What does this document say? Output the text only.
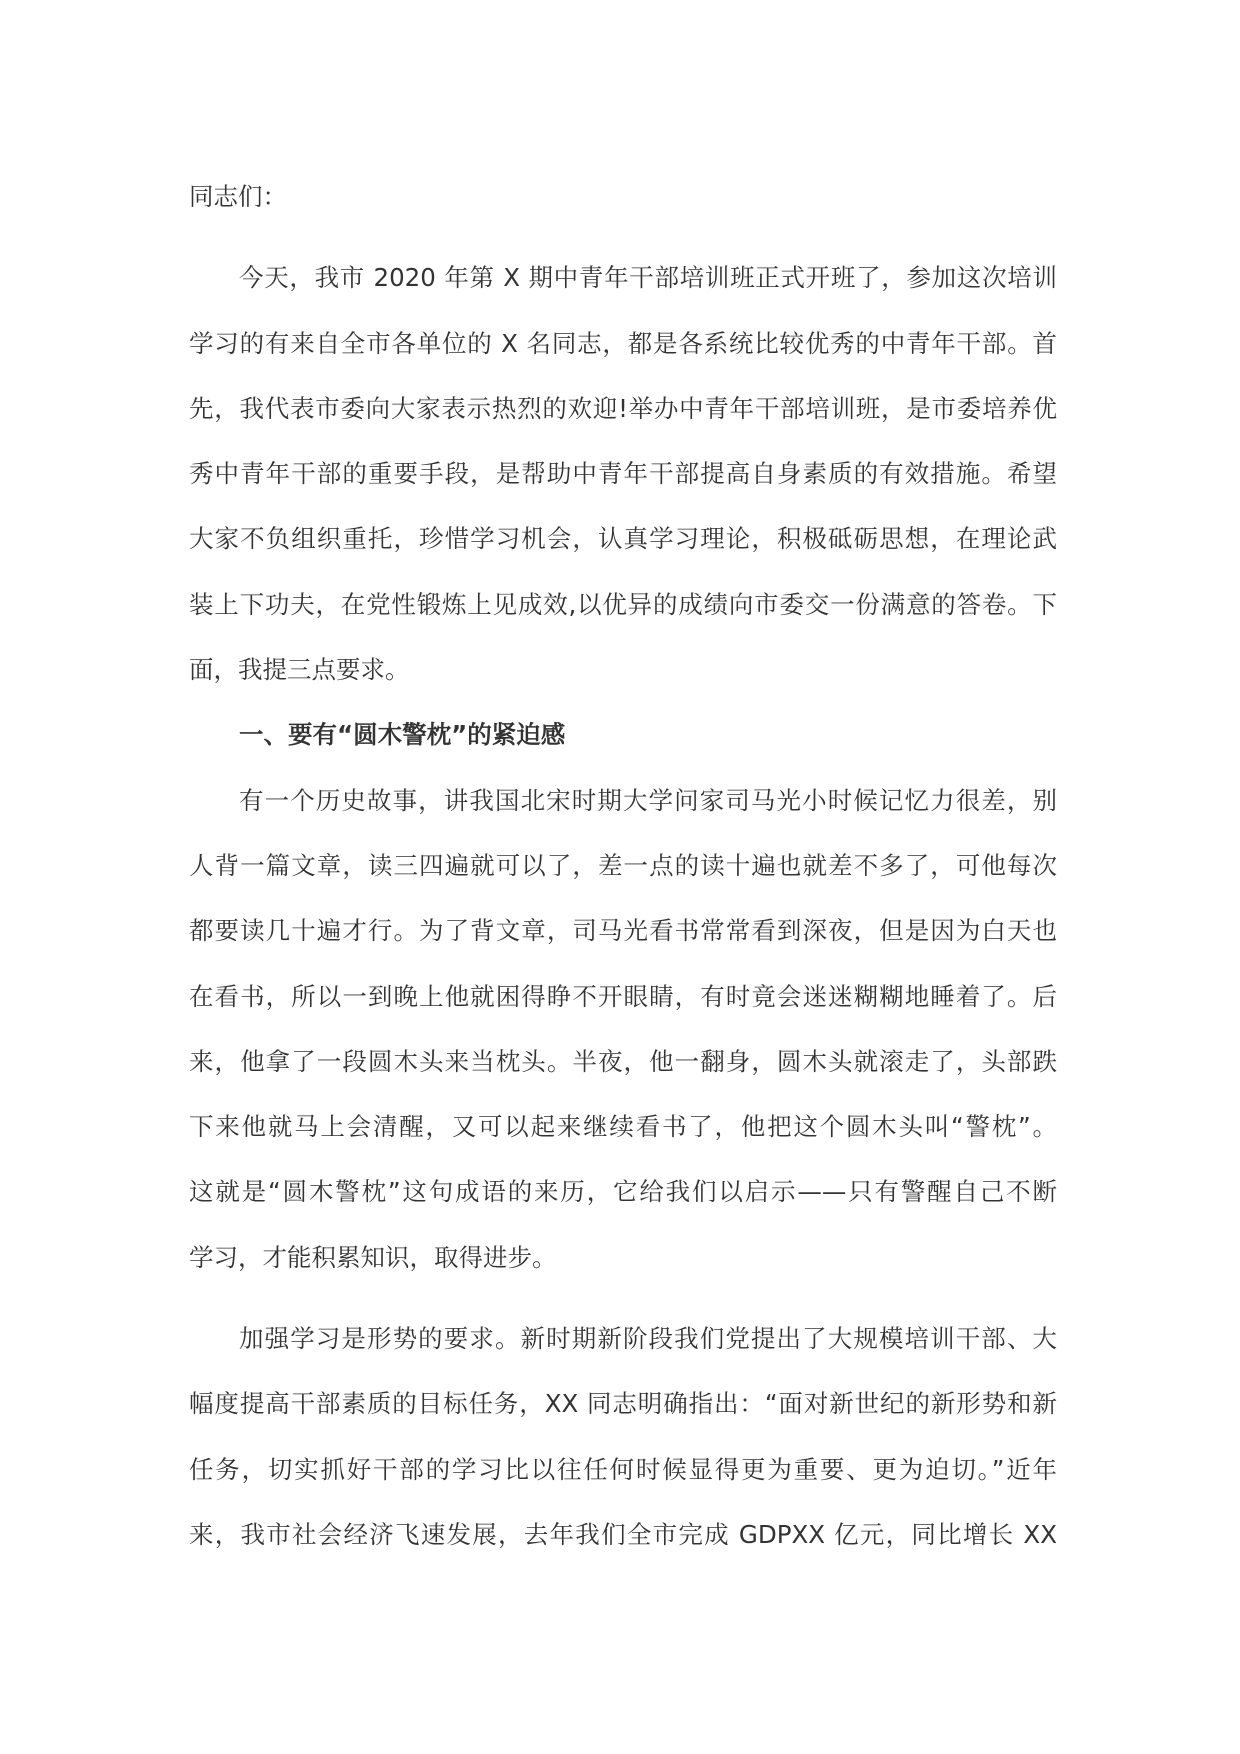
同志们：
今天，我市 2020 年第 X 期中青年干部培训班正式开班了，参加这次培训
学习的有来自全市各单位的 X 名同志，都是各系统比较优秀的中青年干部。首
先，我代表市委向大家表示热烈的欢迎!举办中青年干部培训班，是市委培养优
秀中青年干部的重要手段，是帮助中青年干部提高自身素质的有效措施。希望
大家不负组织重托，珍惜学习机会，认真学习理论，积极砥砺思想，在理论武
装上下功夫，在党性锻炼上见成效,以优异的成绩向市委交一份满意的答卷。下
面，我提三点要求。
一、要有“圆木警枕”的紧迫感
有一个历史故事，讲我国北宋时期大学问家司马光小时候记忆力很差，别
人背一篇文章，读三四遍就可以了，差一点的读十遍也就差不多了，可他每次
都要读几十遍才行。为了背文章，司马光看书常常看到深夜，但是因为白天也
在看书，所以一到晚上他就困得睁不开眼睛，有时竟会迷迷糊糊地睡着了。后
来，他拿了一段圆木头来当枕头。半夜，他一翻身，圆木头就滚走了，头部跌
下来他就马上会清醒，又可以起来继续看书了，他把这个圆木头叫“警枕”。
这就是“圆木警枕”这句成语的来历，它给我们以启示——只有警醒自己不断
学习，才能积累知识，取得进步。
加强学习是形势的要求。新时期新阶段我们党提出了大规模培训干部、大
幅度提高干部素质的目标任务，XX 同志明确指出：“面对新世纪的新形势和新
任务，切实抓好干部的学习比以往任何时候显得更为重要、更为迫切。”近年
来，我市社会经济飞速发展，去年我们全市完成 GDPXX 亿元，同比增长 XX
